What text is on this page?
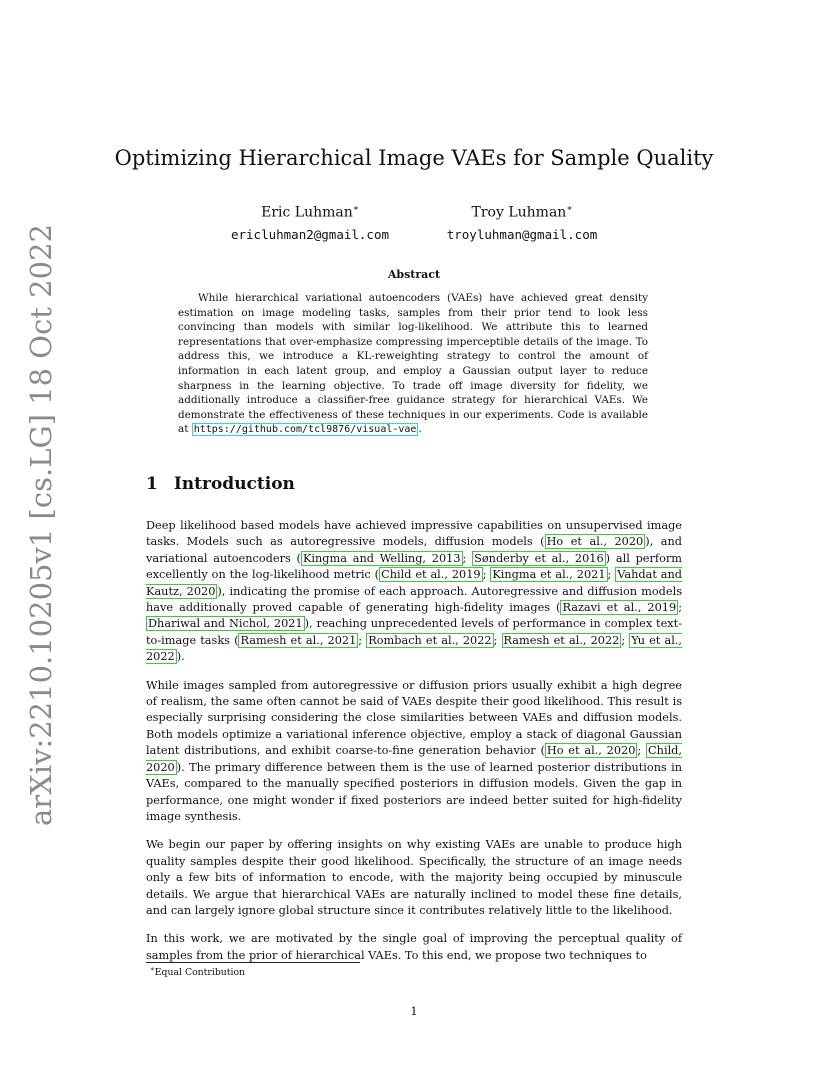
arXiv:2210.10205v1 [cs.LG] 18 Oct 2022
Optimizing Hierarchical Image VAEs for Sample Quality
Eric Luhman∗
ericluhman2@gmail.com
Troy Luhman∗
troyluhman@gmail.com
Abstract

While hierarchical variational autoencoders (VAEs) have achieved great density estimation on image modeling tasks, samples from their prior tend to look less convincing than models with similar log-likelihood. We attribute this to learned representations that over-emphasize compressing imperceptible details of the image. To address this, we introduce a KL-reweighting strategy to control the amount of information in each latent group, and employ a Gaussian output layer to reduce sharpness in the learning objective. To trade off image diversity for fidelity, we additionally introduce a classifier-free guidance strategy for hierarchical VAEs. We demonstrate the effectiveness of these techniques in our experiments. Code is available at https://github.com/tcl9876/visual-vae .

1 Introduction

Deep likelihood based models have achieved impressive capabilities on unsupervised image tasks. Models such as autoregressive models, diffusion models ( Ho et al., 2020 ), and variational autoencoders ( Kingma and Welling, 2013 ; Sønderby et al., 2016 ) all perform excellently on the log-likelihood metric ( Child et al., 2019 ; Kingma et al., 2021 ; Vahdat and Kautz, 2020 ), indicating the promise of each approach. Autoregressive and diffusion models have additionally proved capable of generating high-fidelity images ( Razavi et al., 2019 ; Dhariwal and Nichol, 2021 ), reaching unprecedented levels of performance in complex text-to-image tasks ( Ramesh et al., 2021 ; Rombach et al., 2022 ; Ramesh et al., 2022 ; Yu et al., 2022 ).

While images sampled from autoregressive or diffusion priors usually exhibit a high degree of realism, the same often cannot be said of VAEs despite their good likelihood. This result is especially surprising considering the close similarities between VAEs and diffusion models. Both models optimize a variational inference objective, employ a stack of diagonal Gaussian latent distributions, and exhibit coarse-to-fine generation behavior ( Ho et al., 2020 ; Child, 2020 ). The primary difference between them is the use of learned posterior distributions in VAEs, compared to the manually specified posteriors in diffusion models. Given the gap in performance, one might wonder if fixed posteriors are indeed better suited for high-fidelity image synthesis.

We begin our paper by offering insights on why existing VAEs are unable to produce high quality samples despite their good likelihood. Specifically, the structure of an image needs only a few bits of information to encode, with the majority being occupied by minuscule details. We argue that hierarchical VAEs are naturally inclined to model these fine details, and can largely ignore global structure since it contributes relatively little to the likelihood.

In this work, we are motivated by the single goal of improving the perceptual quality of samples from the prior of hierarchical VAEs. To this end, we propose two techniques to

∗Equal Contribution
1
